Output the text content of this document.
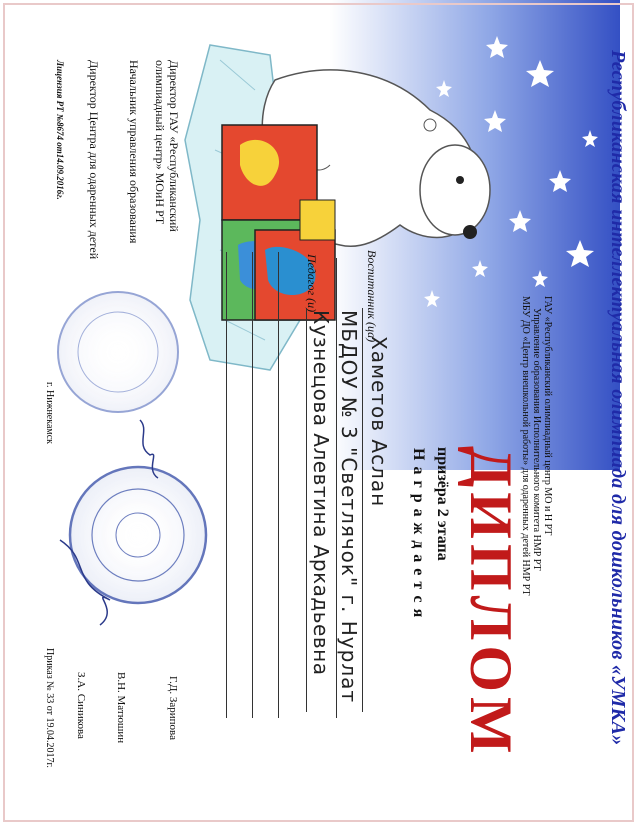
Республиканская интеллектуальная олимпиада для дошкольников «УМКА»
ГАУ «Республиканский олимпиадный центр МО и Н РТ
Управление образования Исполнительного комитета НМР РТ
МБУ ДО «Центр внешкольной работы» для одаренных детей НМР РТ
ДИПЛОМ
призёра 2 этапа
Награждается
Воспитанник (ца)
Хаметов Аслан
МБДОУ № 3 "Светлячок" г. Нурлат
Педагог (и)
Кузнецова Алевтина Аркадьевна
Директор ГАУ «Республиканский
олимпиадный центр» МОиН РТ
Начальник управления образования
Директор Центра для одаренных детей
Лицензия РТ №8674 от14.09.2016г.
г. Нижнекамск
Г.Д. Зарипова
В.Н. Матюшин
З.А. Синикова
Приказ № 33 от 19.04.2017г.
